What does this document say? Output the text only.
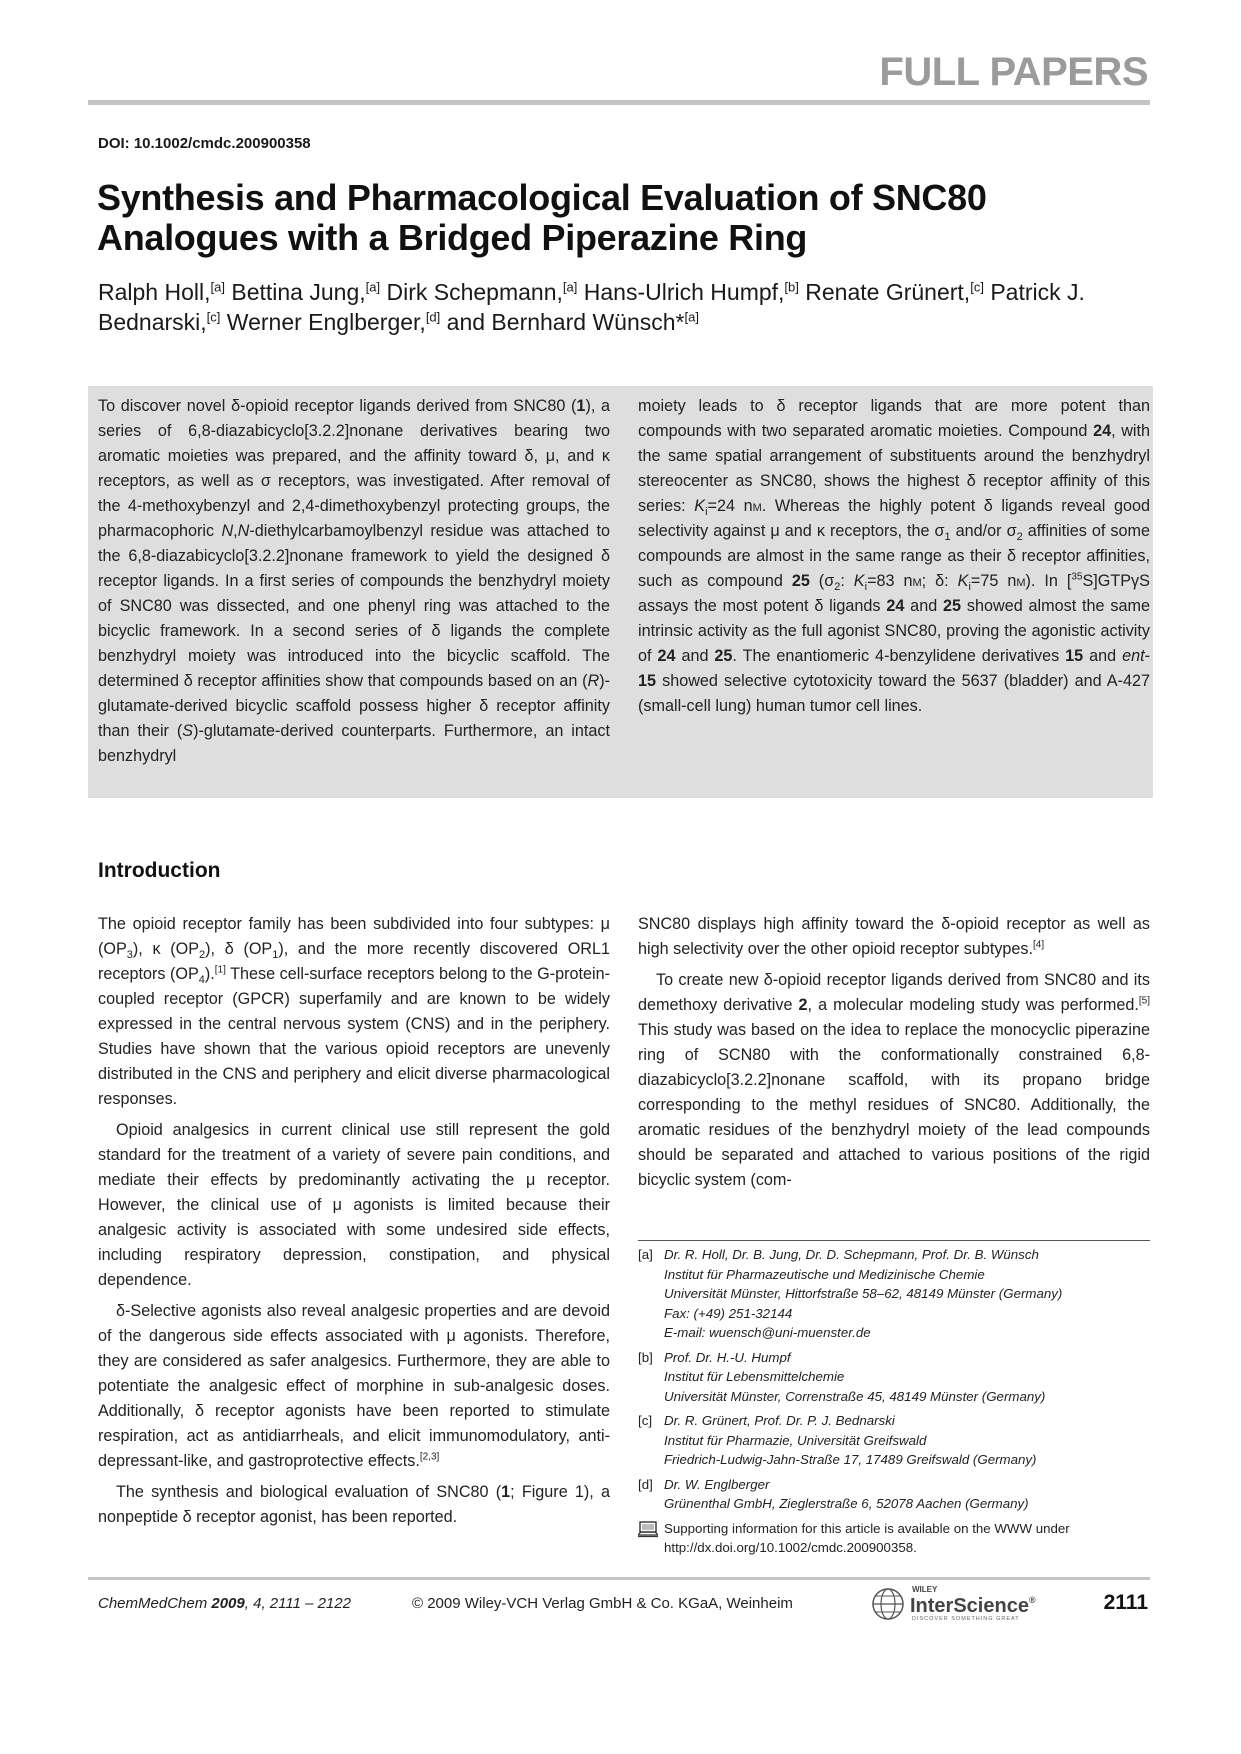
FULL PAPERS
DOI: 10.1002/cmdc.200900358
Synthesis and Pharmacological Evaluation of SNC80 Analogues with a Bridged Piperazine Ring
Ralph Holl,[a] Bettina Jung,[a] Dirk Schepmann,[a] Hans-Ulrich Humpf,[b] Renate Grünert,[c] Patrick J. Bednarski,[c] Werner Englberger,[d] and Bernhard Wünsch*[a]
To discover novel δ-opioid receptor ligands derived from SNC80 (1), a series of 6,8-diazabicyclo[3.2.2]nonane derivatives bearing two aromatic moieties was prepared, and the affinity toward δ, μ, and κ receptors, as well as σ receptors, was investigated. After removal of the 4-methoxybenzyl and 2,4-dimethoxybenzyl protecting groups, the pharmacophoric N,N-diethylcarbamoylbenzyl residue was attached to the 6,8-diazabicyclo[3.2.2]nonane framework to yield the designed δ receptor ligands. In a first series of compounds the benzhydryl moiety of SNC80 was dissected, and one phenyl ring was attached to the bicyclic framework. In a second series of δ ligands the complete benzhydryl moiety was introduced into the bicyclic scaffold. The determined δ receptor affinities show that compounds based on an (R)-glutamate-derived bicyclic scaffold possess higher δ receptor affinity than their (S)-glutamate-derived counterparts. Furthermore, an intact benzhydryl
moiety leads to δ receptor ligands that are more potent than compounds with two separated aromatic moieties. Compound 24, with the same spatial arrangement of substituents around the benzhydryl stereocenter as SNC80, shows the highest δ receptor affinity of this series: $K_i=24$ nm. Whereas the highly potent δ ligands reveal good selectivity against μ and κ receptors, the $\sigma_1$ and/or $\sigma_2$ affinities of some compounds are almost in the same range as their δ receptor affinities, such as compound 25 ($\sigma_2$: $K_i=83$ nm; δ: $K_i=75$ nm). In [$^{35}$S]GTPγS assays the most potent δ ligands 24 and 25 showed almost the same intrinsic activity as the full agonist SNC80, proving the agonistic activity of 24 and 25. The enantiomeric 4-benzylidene derivatives 15 and ent-15 showed selective cytotoxicity toward the 5637 (bladder) and A-427 (small-cell lung) human tumor cell lines.
Introduction

The opioid receptor family has been subdivided into four subtypes: μ $(OP_3)$, κ $(OP_2)$, δ $(OP_1)$, and the more recently discovered ORL1 receptors $(OP_4).[1]$ These cell-surface receptors belong to the G-protein-coupled receptor (GPCR) superfamily and are known to be widely expressed in the central nervous system (CNS) and in the periphery. Studies have shown that the various opioid receptors are unevenly distributed in the CNS and periphery and elicit diverse pharmacological responses.

Opioid analgesics in current clinical use still represent the gold standard for the treatment of a variety of severe pain conditions, and mediate their effects by predominantly activating the μ receptor. However, the clinical use of μ agonists is limited because their analgesic activity is associated with some undesired side effects, including respiratory depression, constipation, and physical dependence.

δ-Selective agonists also reveal analgesic properties and are devoid of the dangerous side effects associated with μ agonists. Therefore, they are considered as safer analgesics. Furthermore, they are able to potentiate the analgesic effect of morphine in sub-analgesic doses. Additionally, δ receptor agonists have been reported to stimulate respiration, act as antidiarrheals, and elicit immunomodulatory, anti-depressant-like, and gastroprotective effects.[2,3]

The synthesis and biological evaluation of SNC80 (1; Figure 1), a nonpeptide δ receptor agonist, has been reported.

SNC80 displays high affinity toward the δ-opioid receptor as well as high selectivity over the other opioid receptor subtypes.[4]

To create new δ-opioid receptor ligands derived from SNC80 and its demethoxy derivative 2, a molecular modeling study was performed.[5] This study was based on the idea to replace the monocyclic piperazine ring of SCN80 with the conformationally constrained 6,8-diazabicyclo[3.2.2]nonane scaffold, with its propano bridge corresponding to the methyl residues of SNC80. Additionally, the aromatic residues of the benzhydryl moiety of the lead compounds should be separated and attached to various positions of the rigid bicyclic system (com-

[a] Dr. R. Holl, Dr. B. Jung, Dr. D. Schepmann, Prof. Dr. B. Wünsch
Institut für Pharmazeutische und Medizinische Chemie
Universität Münster, Hittorfstraße 58–62, 48149 Münster (Germany)
Fax: (+49) 251-32144
E-mail: wuensch@uni-muenster.de
[b] Prof. Dr. H.-U. Humpf
Institut für Lebensmittelchemie
Universität Münster, Correnstraße 45, 48149 Münster (Germany)
[c] Dr. R. Grünert, Prof. Dr. P. J. Bednarski
Institut für Pharmazie, Universität Greifswald
Friedrich-Ludwig-Jahn-Straße 17, 17489 Greifswald (Germany)
[d] Dr. W. Englberger
Grünenthal GmbH, Zieglerstraße 6, 52078 Aachen (Germany)
Supporting information for this article is available on the WWW under
http://dx.doi.org/10.1002/cmdc.200900358.
ChemMedChem 2009, 4, 2111 – 2122	© 2009 Wiley-VCH Verlag GmbH & Co. KGaA, Weinheim
WILEY
InterScience®
DISCOVER SOMETHING GREAT
2111
